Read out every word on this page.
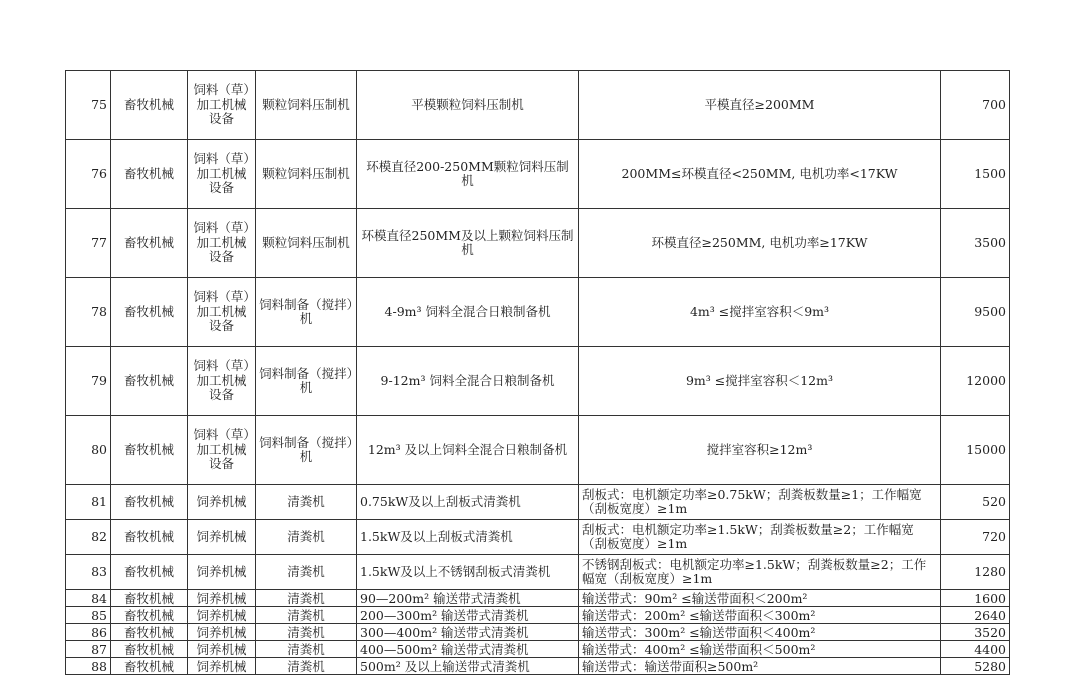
75	畜牧机械	饲料（草）加工机械设备	颗粒饲料压制机	平模颗粒饲料压制机	平模直径≥200MM	700
76	畜牧机械	饲料（草）加工机械设备	颗粒饲料压制机	环模直径200-250MM颗粒饲料压制机	200MM≤环模直径<250MM, 电机功率<17KW	1500
77	畜牧机械	饲料（草）加工机械设备	颗粒饲料压制机	环模直径250MM及以上颗粒饲料压制机	环模直径≥250MM, 电机功率≥17KW	3500
78	畜牧机械	饲料（草）加工机械设备	饲料制备（搅拌）机	4-9m³ 饲料全混合日粮制备机	4m³ ≤搅拌室容积＜9m³	9500
79	畜牧机械	饲料（草）加工机械设备	饲料制备（搅拌）机	9-12m³ 饲料全混合日粮制备机	9m³ ≤搅拌室容积＜12m³	12000
80	畜牧机械	饲料（草）加工机械设备	饲料制备（搅拌）机	12m³ 及以上饲料全混合日粮制备机	搅拌室容积≥12m³	15000
81	畜牧机械	饲养机械	清粪机	0.75kW及以上刮板式清粪机	刮板式：电机额定功率≥0.75kW；刮粪板数量≥1；工作幅宽（刮板宽度）≥1m	520
82	畜牧机械	饲养机械	清粪机	1.5kW及以上刮板式清粪机	刮板式：电机额定功率≥1.5kW；刮粪板数量≥2；工作幅宽（刮板宽度）≥1m	720
83	畜牧机械	饲养机械	清粪机	1.5kW及以上不锈钢刮板式清粪机	不锈钢刮板式：电机额定功率≥1.5kW；刮粪板数量≥2；工作幅宽（刮板宽度）≥1m	1280
84	畜牧机械	饲养机械	清粪机	90—200m² 输送带式清粪机	输送带式：90m² ≤输送带面积＜200m²	1600
85	畜牧机械	饲养机械	清粪机	200—300m² 输送带式清粪机	输送带式：200m² ≤输送带面积＜300m²	2640
86	畜牧机械	饲养机械	清粪机	300—400m² 输送带式清粪机	输送带式：300m² ≤输送带面积＜400m²	3520
87	畜牧机械	饲养机械	清粪机	400—500m² 输送带式清粪机	输送带式：400m² ≤输送带面积＜500m²	4400
88	畜牧机械	饲养机械	清粪机	500m² 及以上输送带式清粪机	输送带式：输送带面积≥500m²	5280
